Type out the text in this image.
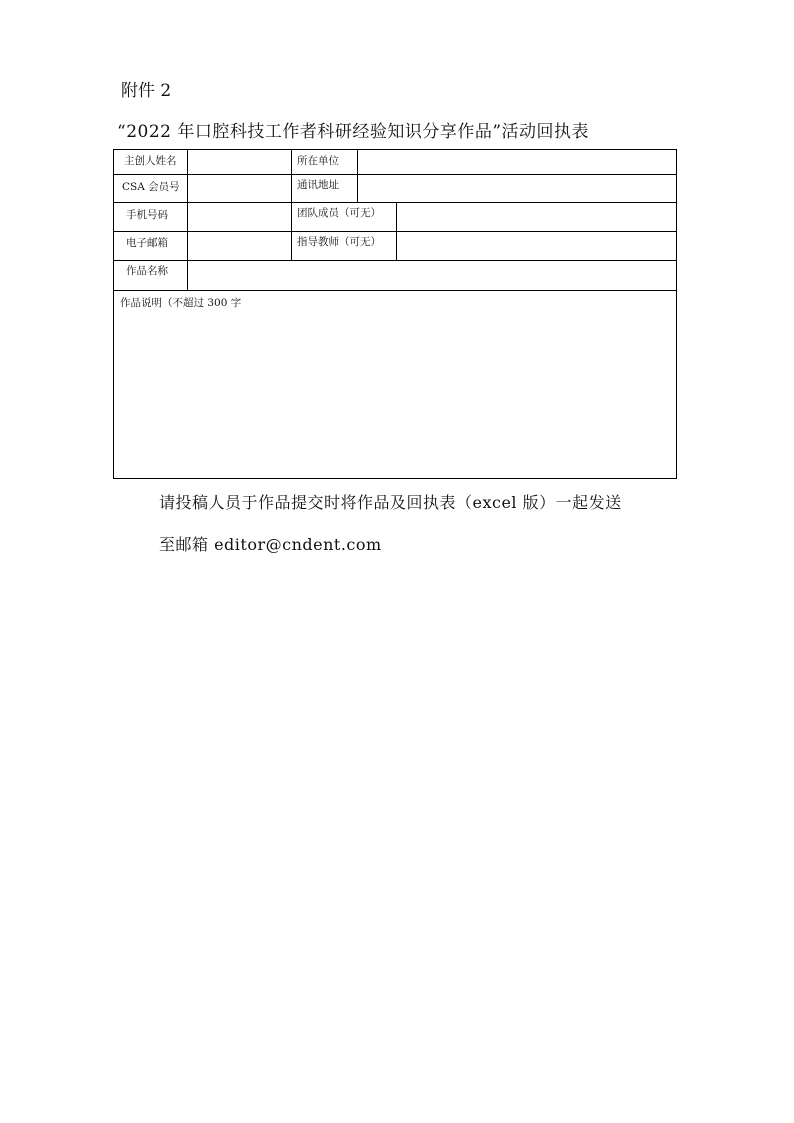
附件 2
“2022 年口腔科技工作者科研经验知识分享作品”活动回执表
主创人姓名	所在单位
CSA 会员号	通讯地址
手机号码	团队成员（可无）
电子邮箱	指导教师（可无）
作品名称
作品说明（不超过 300 字
请投稿人员于作品提交时将作品及回执表（excel 版）一起发送
至邮箱 editor@cndent.com
